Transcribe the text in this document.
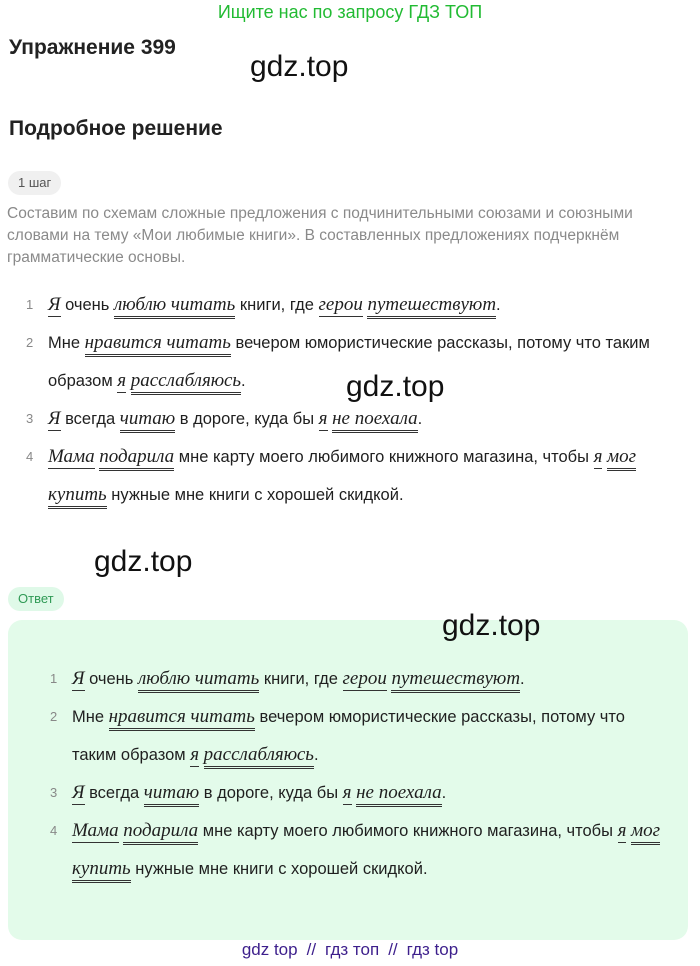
Ищите нас по запросу ГДЗ ТОП
Упражнение 399
gdz.top
gdz.top
gdz.top
gdz.top
Подробное решение
1 шаг
Составим по схемам сложные предложения с подчинительными союзами и союзными словами на тему «Мои любимые книги». В составленных предложениях подчеркнём грамматические основы.
1 Я очень люблю читать книги, где герои путешествуют.
2 Мне нравится читать вечером юмористические рассказы, потому что таким образом я расслабляюсь.
3 Я всегда читаю в дороге, куда бы я не поехала.
4 Мама подарила мне карту моего любимого книжного магазина, чтобы я мог купить нужные мне книги с хорошей скидкой.
Ответ
1 Я очень люблю читать книги, где герои путешествуют.
2 Мне нравится читать вечером юмористические рассказы, потому что таким образом я расслабляюсь.
3 Я всегда читаю в дороге, куда бы я не поехала.
4 Мама подарила мне карту моего любимого книжного магазина, чтобы я мог купить нужные мне книги с хорошей скидкой.
gdz top // гдз топ // гдз top
